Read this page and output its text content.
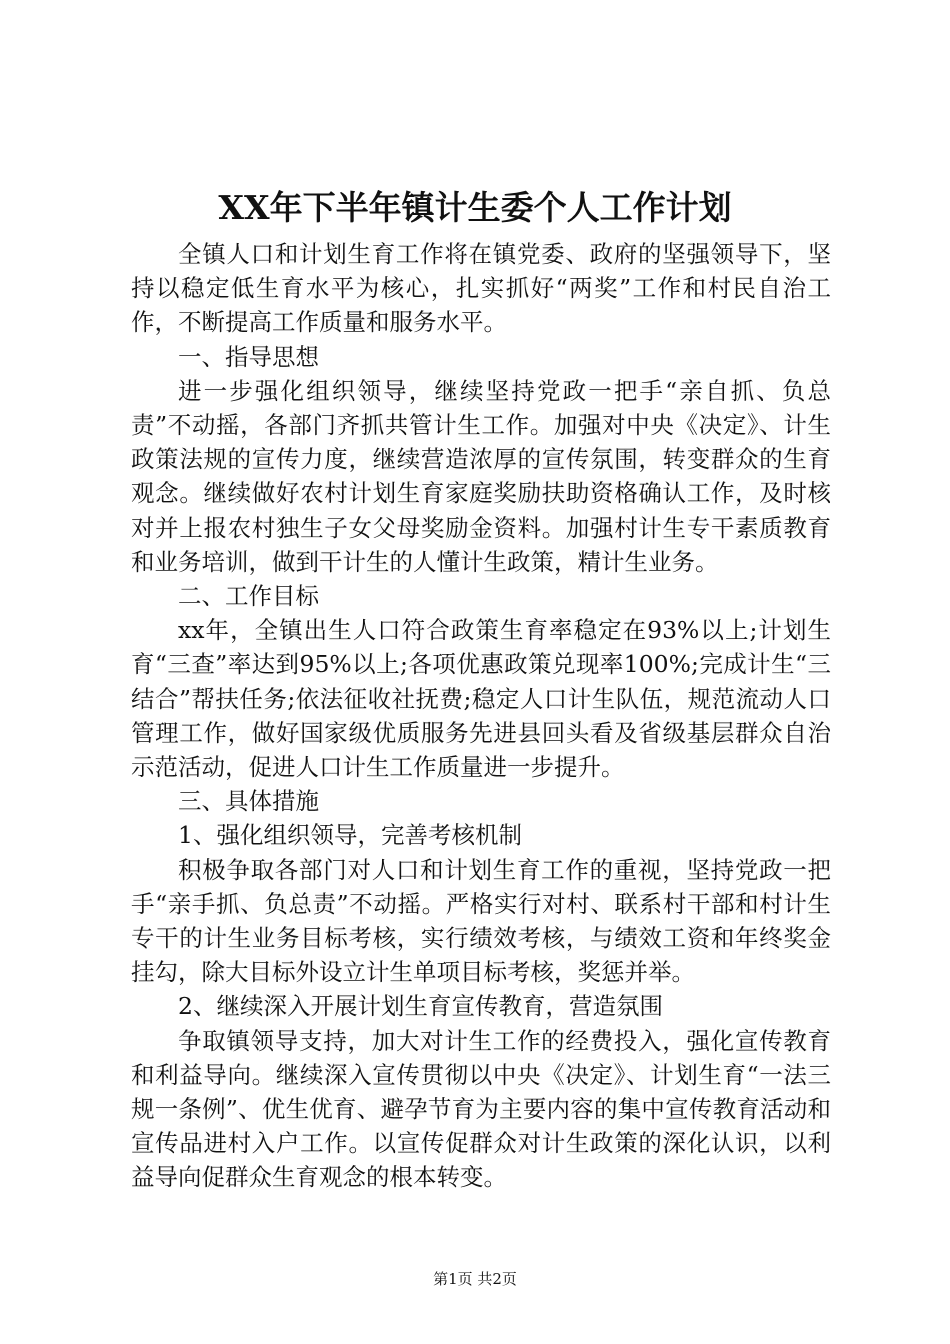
XX年下半年镇计生委个人工作计划

全镇人口和计划生育工作将在镇党委、政府的坚强领导下，坚持以稳定低生育水平为核心，扎实抓好“两奖”工作和村民自治工作，不断提高工作质量和服务水平。

一、指导思想

进一步强化组织领导，继续坚持党政一把手“亲自抓、负总责”不动摇，各部门齐抓共管计生工作。加强对中央《决定》、计生政策法规的宣传力度，继续营造浓厚的宣传氛围，转变群众的生育观念。继续做好农村计划生育家庭奖励扶助资格确认工作，及时核对并上报农村独生子女父母奖励金资料。加强村计生专干素质教育和业务培训，做到干计生的人懂计生政策，精计生业务。

二、工作目标

xx年，全镇出生人口符合政策生育率稳定在93%以上;计划生育“三查”率达到95%以上;各项优惠政策兑现率100%;完成计生“三结合”帮扶任务;依法征收社抚费;稳定人口计生队伍，规范流动人口管理工作，做好国家级优质服务先进县回头看及省级基层群众自治示范活动，促进人口计生工作质量进一步提升。

三、具体措施
1、强化组织领导，完善考核机制

积极争取各部门对人口和计划生育工作的重视，坚持党政一把手“亲手抓、负总责”不动摇。严格实行对村、联系村干部和村计生专干的计生业务目标考核，实行绩效考核，与绩效工资和年终奖金挂勾，除大目标外设立计生单项目标考核，奖惩并举。

2、继续深入开展计划生育宣传教育，营造氛围

争取镇领导支持，加大对计生工作的经费投入，强化宣传教育和利益导向。继续深入宣传贯彻以中央《决定》、计划生育“一法三规一条例”、优生优育、避孕节育为主要内容的集中宣传教育活动和宣传品进村入户工作。以宣传促群众对计生政策的深化认识，以利益导向促群众生育观念的根本转变。

第1页 共2页
